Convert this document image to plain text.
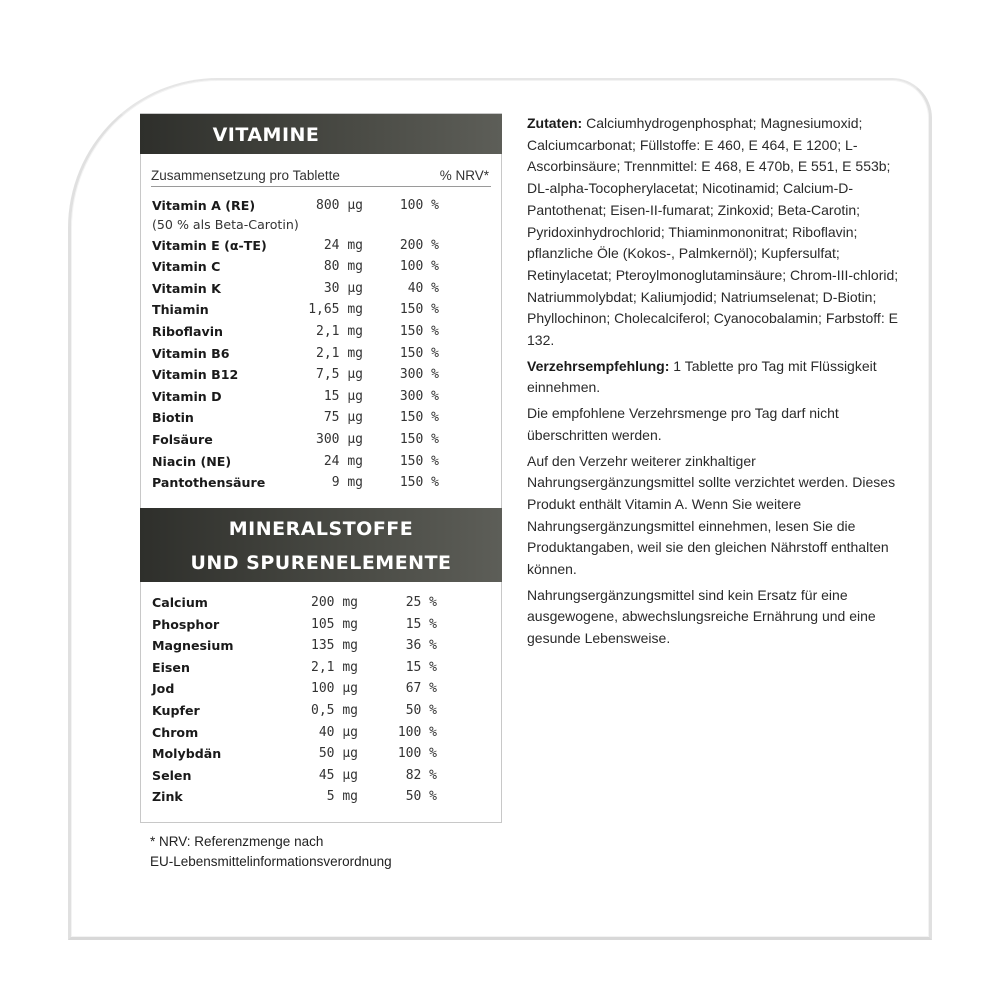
VITAMINE
Zusammensetzung pro Tablette	% NRV*
Vitamin A (RE)	800 µg	100 %
(50 % als Beta-Carotin)
Vitamin E (α-TE)	24 mg	200 %
Vitamin C	80 mg	100 %
Vitamin K	30 µg	40 %
Thiamin	1,65 mg	150 %
Riboflavin	2,1 mg	150 %
Vitamin B6	2,1 mg	150 %
Vitamin B12	7,5 µg	300 %
Vitamin D	15 µg	300 %
Biotin	75 µg	150 %
Folsäure	300 µg	150 %
Niacin (NE)	24 mg	150 %
Pantothensäure	9 mg	150 %
MINERALSTOFFE
UND SPURENELEMENTE
Calcium	200 mg	25 %
Phosphor	105 mg	15 %
Magnesium	135 mg	36 %
Eisen	2,1 mg	15 %
Jod	100 µg	67 %
Kupfer	0,5 mg	50 %
Chrom	40 µg	100 %
Molybdän	50 µg	100 %
Selen	45 µg	82 %
Zink	5 mg	50 %
* NRV: Referenzmenge nach
EU-Lebensmittelinformationsverordnung

Zutaten: Calciumhydrogenphosphat; Magnesiumoxid; Calciumcarbonat; Füllstoffe: E 460, E 464, E 1200; L-Ascorbinsäure; Trennmittel: E 468, E 470b, E 551, E 553b; DL-alpha-Tocopherylacetat; Nicotinamid; Calcium-D-Pantothenat; Eisen-II-fumarat; Zinkoxid; Beta-Carotin; Pyridoxinhydrochlorid; Thiaminmononitrat; Riboflavin; pflanzliche Öle (Kokos-, Palmkernöl); Kupfersulfat; Retinylacetat; Pteroylmonoglutaminsäure; Chrom-III-chlorid; Natriummolybdat; Kaliumjodid; Natriumselenat; D-Biotin; Phyllochinon; Cholecalciferol; Cyanocobalamin; Farbstoff: E 132.

Verzehrsempfehlung: 1 Tablette pro Tag mit Flüssigkeit einnehmen.

Die empfohlene Verzehrsmenge pro Tag darf nicht überschritten werden.

Auf den Verzehr weiterer zinkhaltiger Nahrungsergänzungsmittel sollte verzichtet werden. Dieses Produkt enthält Vitamin A. Wenn Sie weitere Nahrungsergänzungsmittel einnehmen, lesen Sie die Produktangaben, weil sie den gleichen Nährstoff enthalten können.

Nahrungsergänzungsmittel sind kein Ersatz für eine ausgewogene, abwechslungsreiche Ernährung und eine gesunde Lebensweise.
